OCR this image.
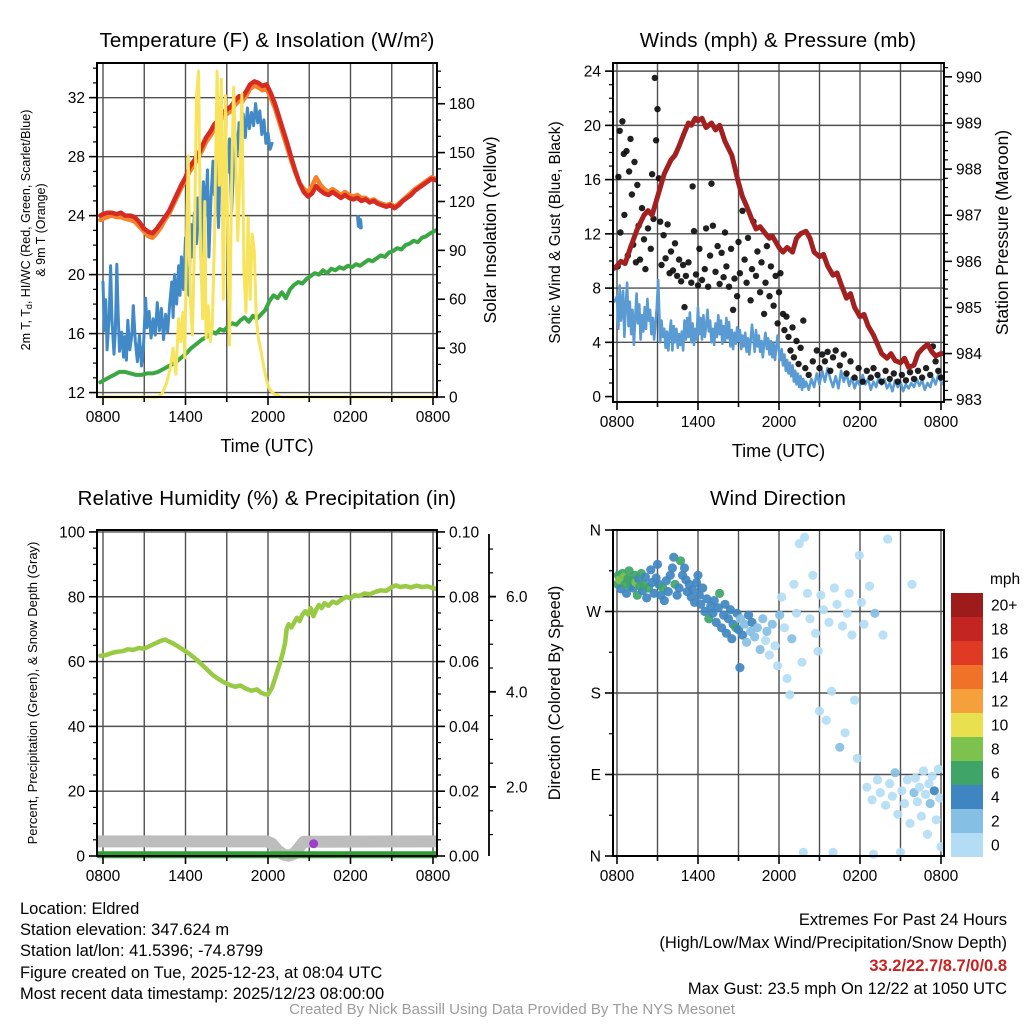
0800	1400	2000	0200	0800
Time (UTC)
12
16
20
24
28
32
0
30
60
90
120
150
180
2m T, Td, HI/WC (Red, Green, Scarlet/Blue) & 9m T (Orange)	Solar Insolation (Yellow)
0800	1400	2000	0200	0800
Time (UTC)
0
4
8
12
16
20
24
983
984
985
986
987
988
989
990
Sonic Wind & Gust (Blue, Black)	Station Pressure (Maroon)
0800	1400	2000	0200	0800
0
20
40
60
80
100
0.00
0.02
0.04
0.06
0.08
0.10
Percent, Precipitation (Green), & Snow Depth (Gray)	2.0
4.0
6.0
0800	1400	2000	0200	0800
N
W
S
E
N
Direction (Colored By Speed)
mph
20+
18
16
14
12
10
8
6
4
2
0
Temperature (F) & Insolation (W/m²)	Winds (mph) & Pressure (mb)
Relative Humidity (%) & Precipitation (in)	Wind Direction
Location: Eldred
Station elevation: 347.624 m
Station lat/lon: 41.5396; -74.8799
Figure created on Tue, 2025-12-23, at 08:04 UTC
Most recent data timestamp: 2025/12/23 08:00:00
Extremes For Past 24 Hours
(High/Low/Max Wind/Precipitation/Snow Depth)
33.2/22.7/8.7/0/0.8
Max Gust: 23.5 mph On 12/22 at 1050 UTC
Created By Nick Bassill Using Data Provided By The NYS Mesonet
